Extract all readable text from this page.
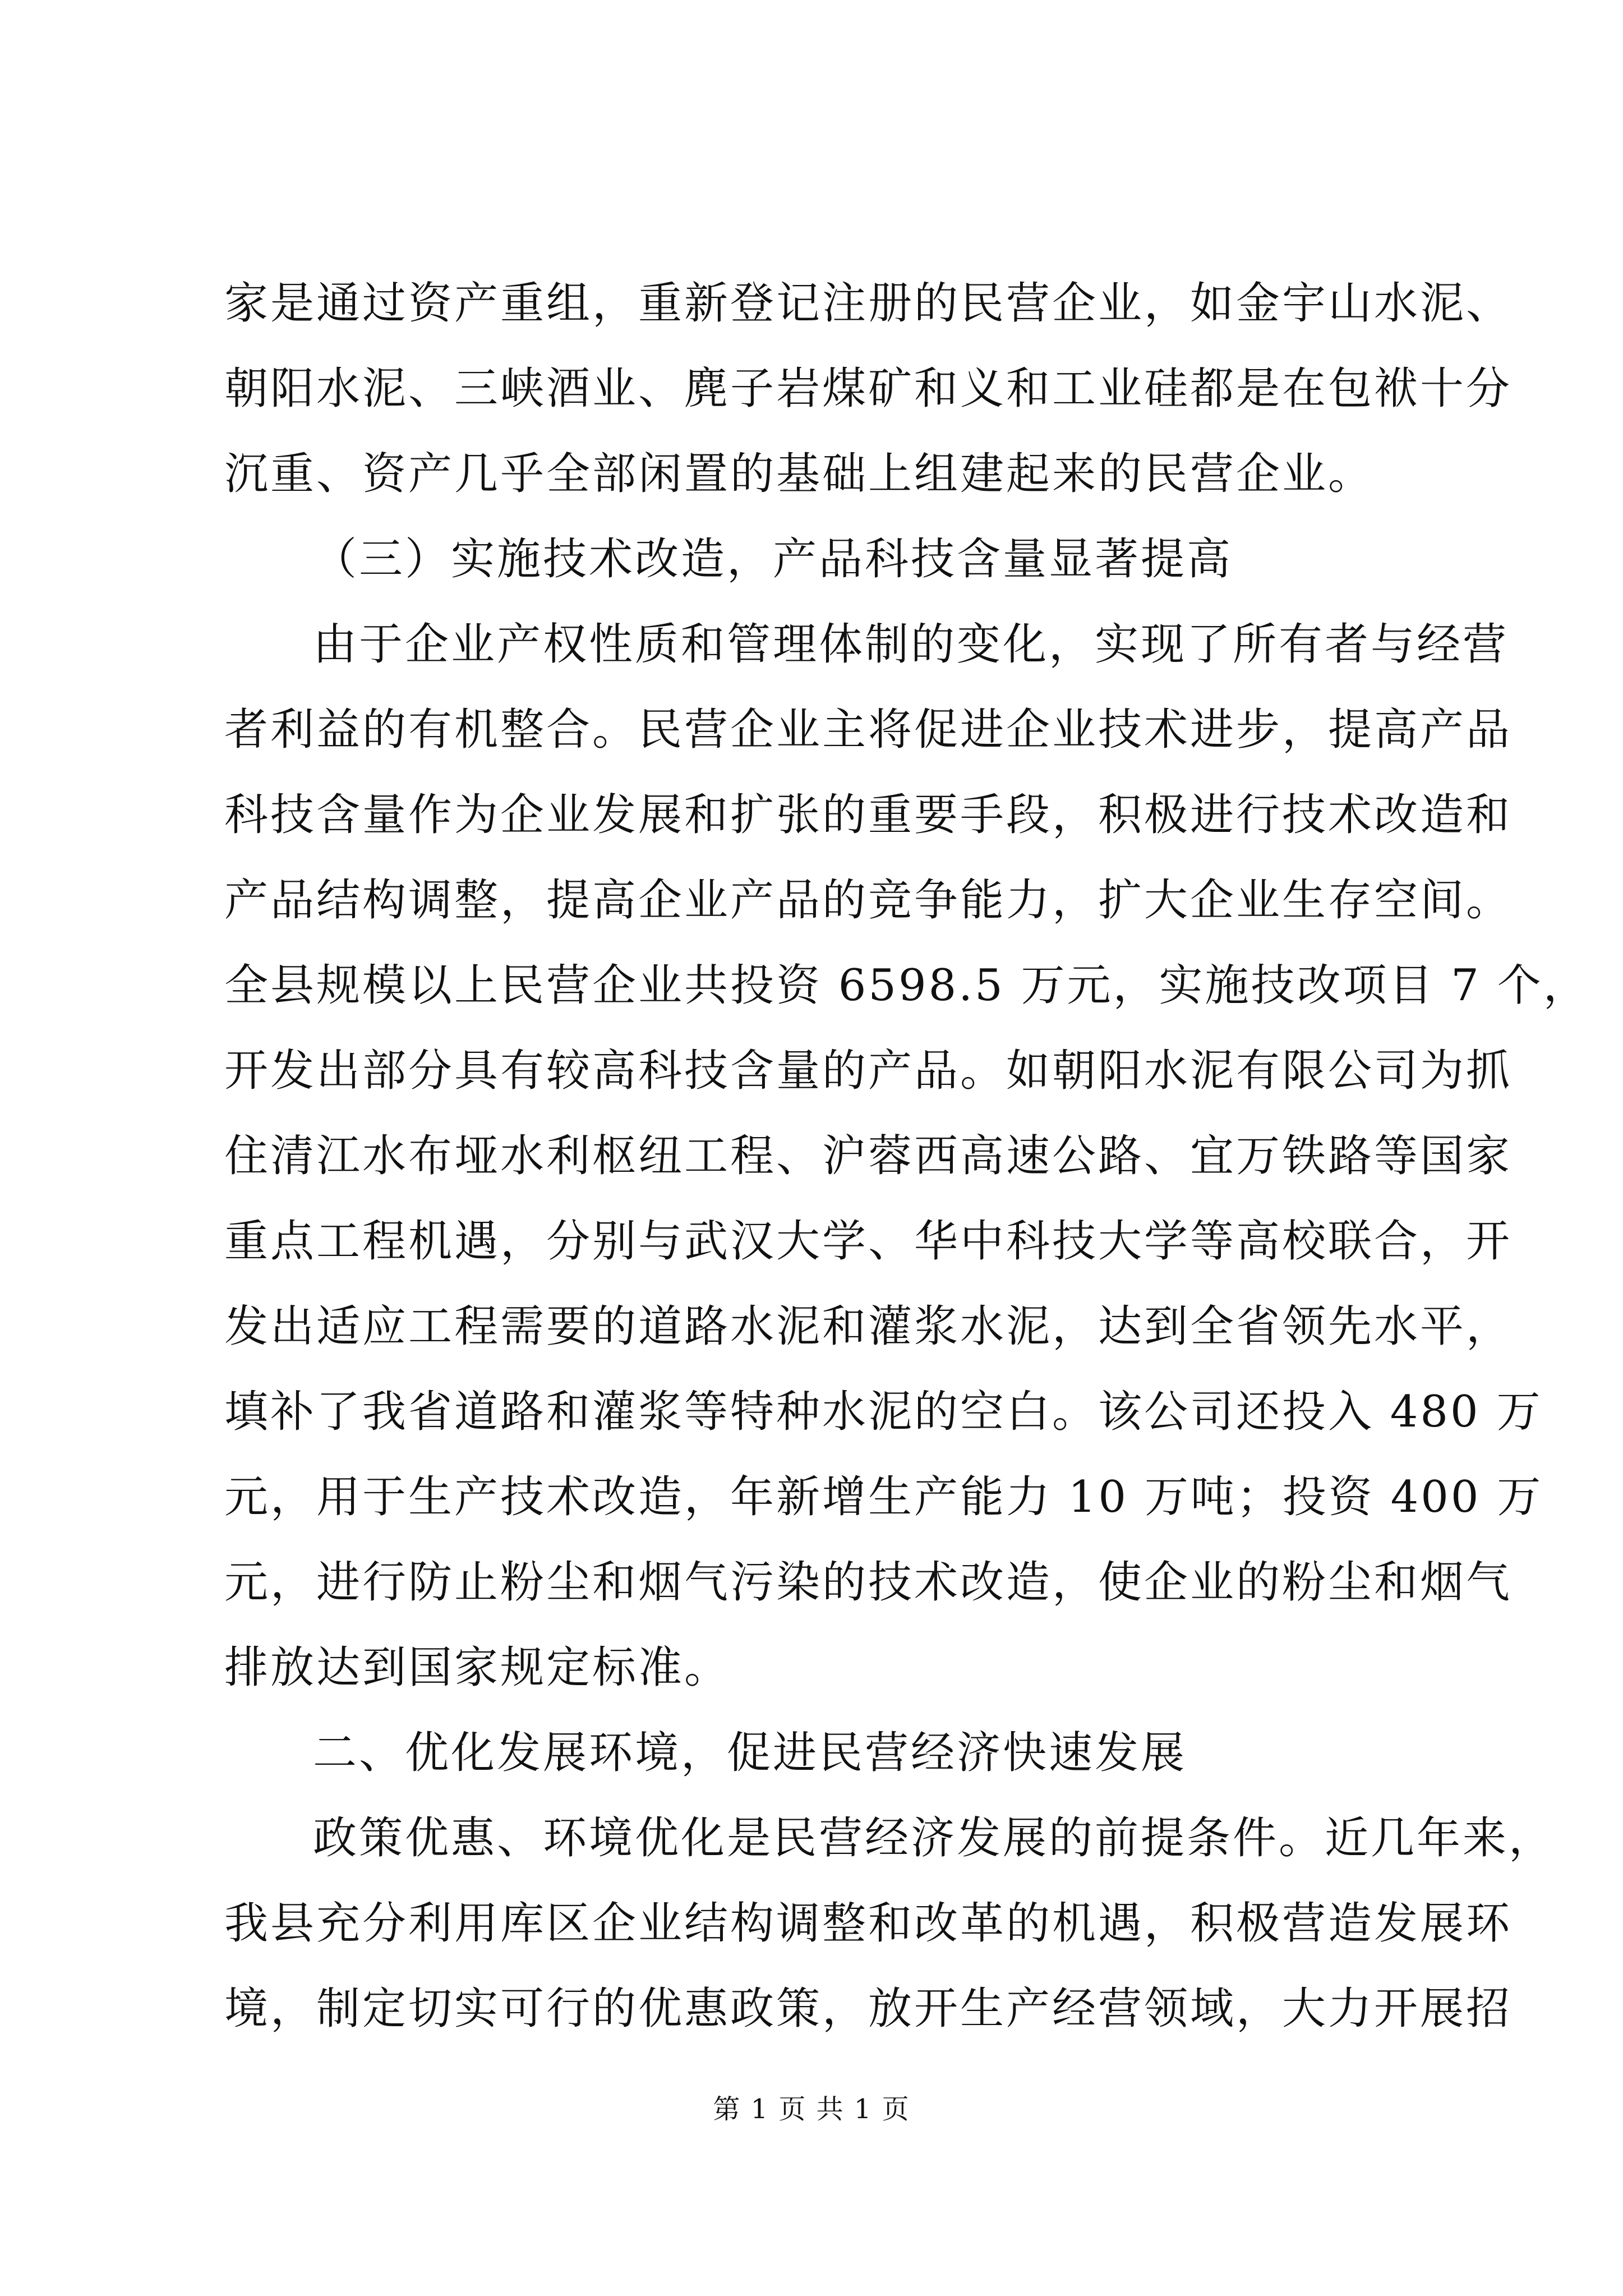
家是通过资产重组，重新登记注册的民营企业，如金宇山水泥、
朝阳水泥、三峡酒业、麂子岩煤矿和义和工业硅都是在包袱十分
沉重、资产几乎全部闲置的基础上组建起来的民营企业。
（三）实施技术改造，产品科技含量显著提高
由于企业产权性质和管理体制的变化，实现了所有者与经营
者利益的有机整合。民营企业主将促进企业技术进步，提高产品
科技含量作为企业发展和扩张的重要手段，积极进行技术改造和
产品结构调整，提高企业产品的竞争能力，扩大企业生存空间。
全县规模以上民营企业共投资 6598.5 万元，实施技改项目 7 个，
开发出部分具有较高科技含量的产品。如朝阳水泥有限公司为抓
住清江水布垭水利枢纽工程、沪蓉西高速公路、宜万铁路等国家
重点工程机遇，分别与武汉大学、华中科技大学等高校联合，开
发出适应工程需要的道路水泥和灌浆水泥，达到全省领先水平，
填补了我省道路和灌浆等特种水泥的空白。该公司还投入 480 万
元，用于生产技术改造，年新增生产能力 10 万吨；投资 400 万
元，进行防止粉尘和烟气污染的技术改造，使企业的粉尘和烟气
排放达到国家规定标准。
二、优化发展环境，促进民营经济快速发展
政策优惠、环境优化是民营经济发展的前提条件。近几年来，
我县充分利用库区企业结构调整和改革的机遇，积极营造发展环
境，制定切实可行的优惠政策，放开生产经营领域，大力开展招
第 1 页 共 1 页
